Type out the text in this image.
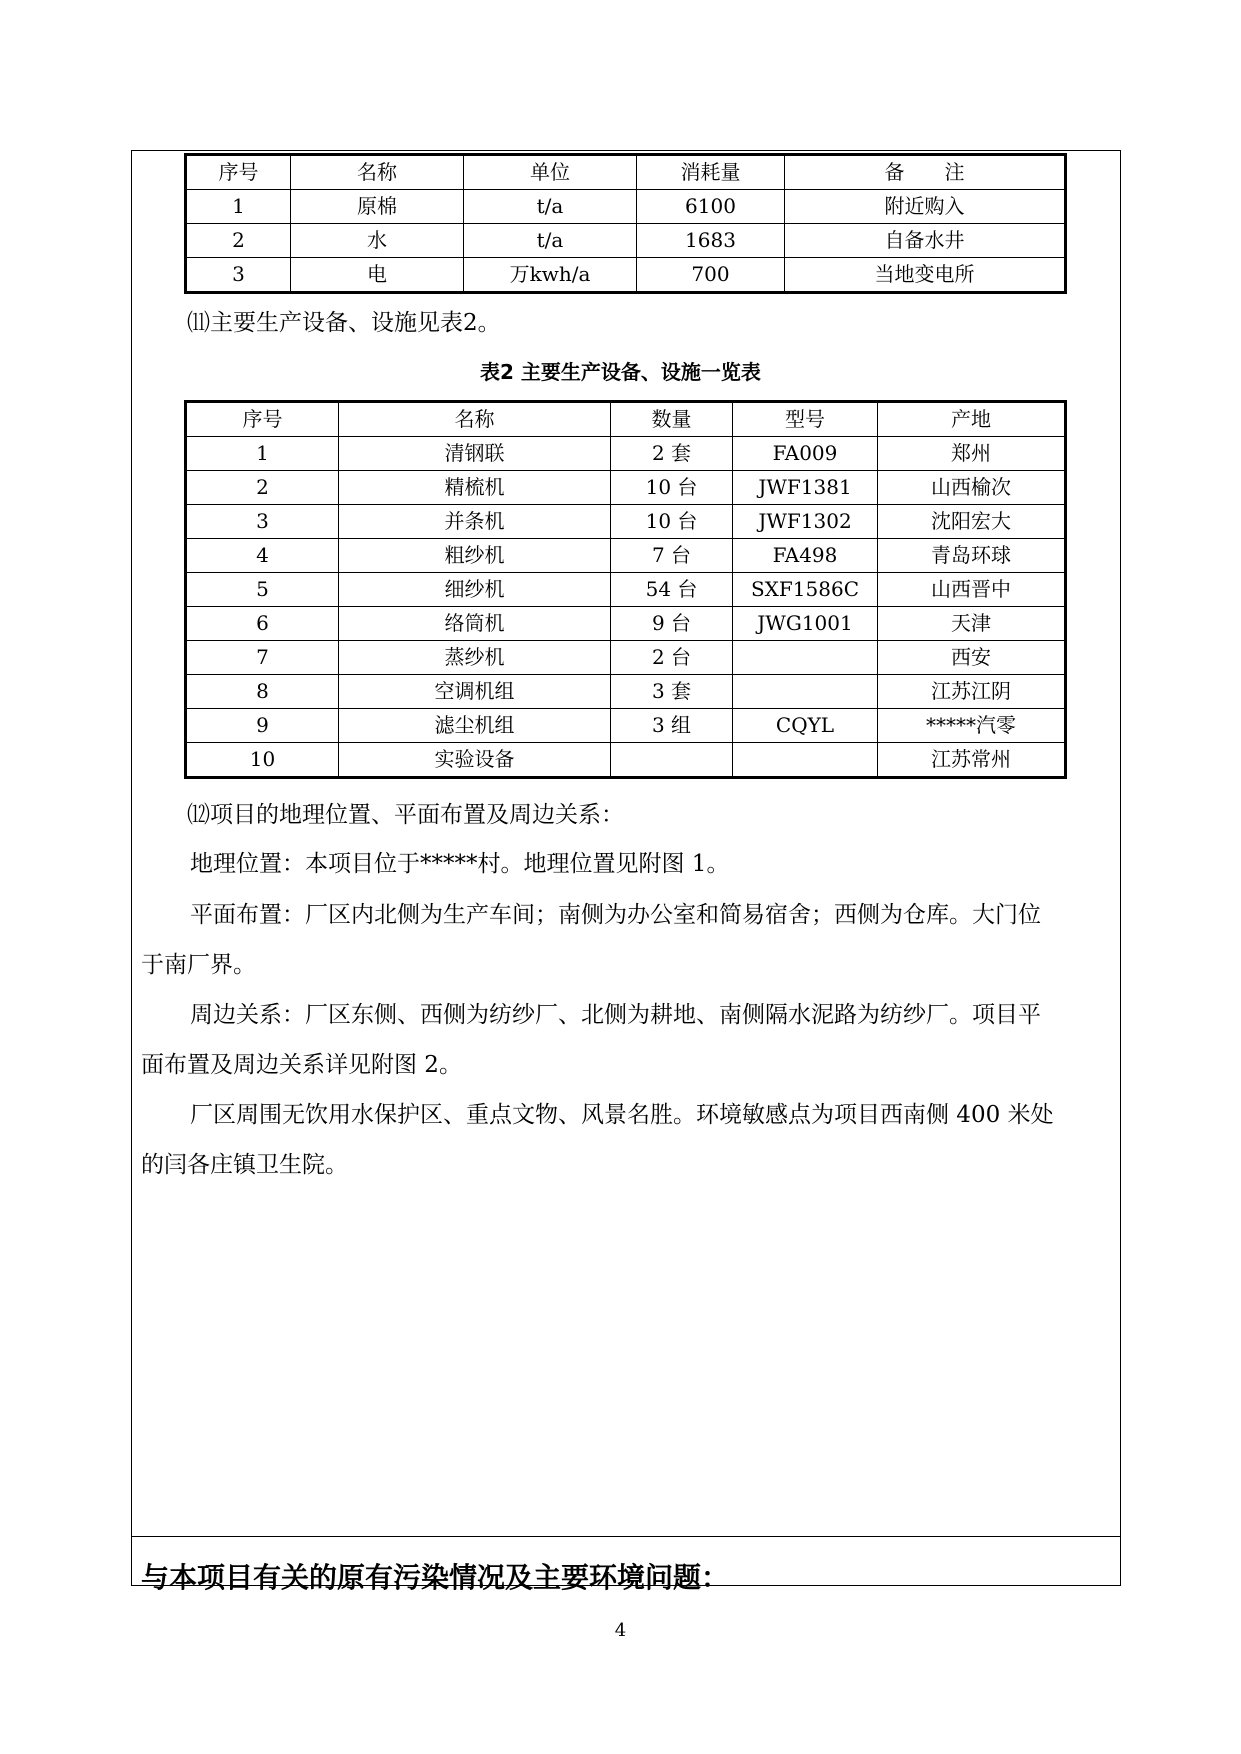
序号	名称	单位	消耗量	备　　注
1	原棉	t/a	6100	附近购入
2	水	t/a	1683	自备水井
3	电	万kwh/a	700	当地变电所
⑾主要生产设备、设施见表2。
表2 主要生产设备、设施一览表
序号	名称	数量	型号	产地
1	清钢联	2 套	FA009	郑州
2	精梳机	10 台	JWF1381	山西榆次
3	并条机	10 台	JWF1302	沈阳宏大
4	粗纱机	7 台	FA498	青岛环球
5	细纱机	54 台	SXF1586C	山西晋中
6	络筒机	9 台	JWG1001	天津
7	蒸纱机	2 台		西安
8	空调机组	3 套		江苏江阴
9	滤尘机组	3 组	CQYL	*****汽零
10	实验设备			江苏常州
⑿项目的地理位置、平面布置及周边关系：
地理位置：本项目位于*****村。地理位置见附图 1。
平面布置：厂区内北侧为生产车间；南侧为办公室和简易宿舍；西侧为仓库。大门位
于南厂界。
周边关系：厂区东侧、西侧为纺纱厂、北侧为耕地、南侧隔水泥路为纺纱厂。项目平
面布置及周边关系详见附图 2。
厂区周围无饮用水保护区、重点文物、风景名胜。环境敏感点为项目西南侧 400 米处
的闫各庄镇卫生院。
与本项目有关的原有污染情况及主要环境问题：
4
